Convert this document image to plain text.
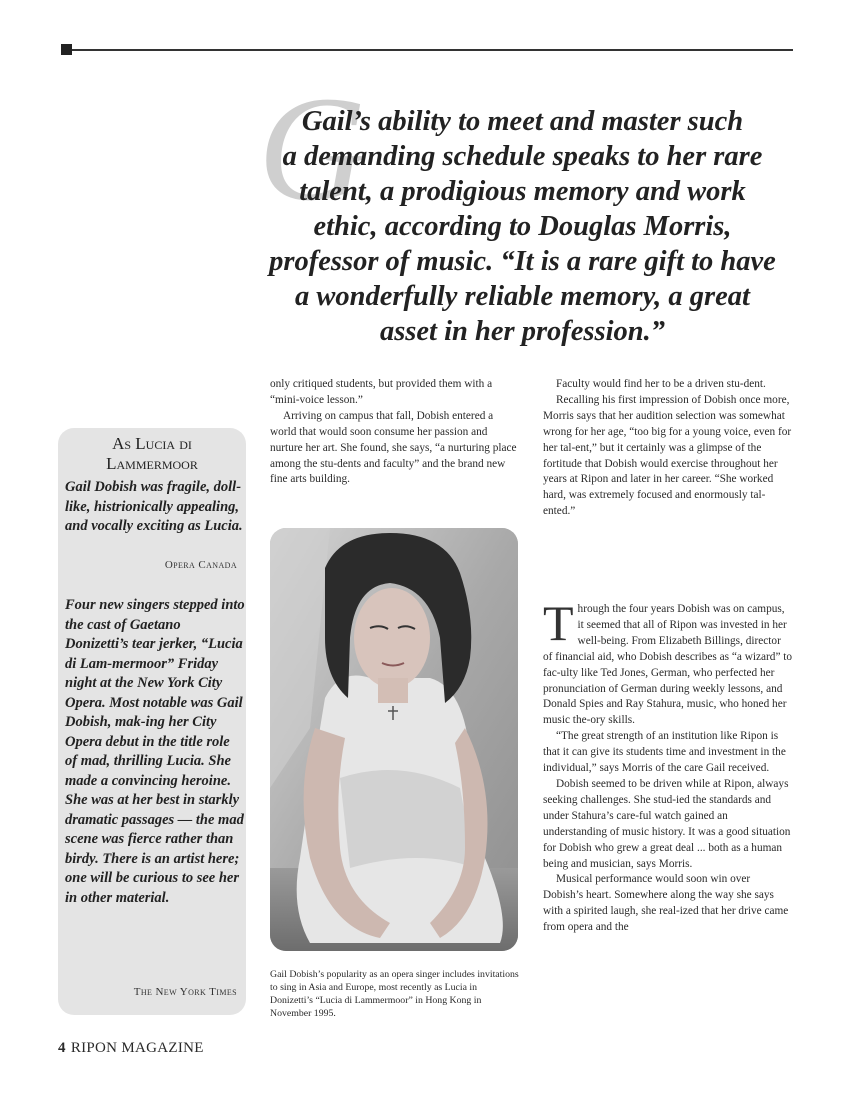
G

Gail’s ability to meet and master such
a demanding schedule speaks to her rare
talent, a prodigious memory and work
ethic, according to Douglas Morris,
professor of music. “It is a rare gift to have
a wonderfully reliable memory, a great
asset in her profession.”

As Lucia di
Lammermoor

Gail Dobish was fragile, doll-like, histrionically appealing, and vocally exciting as Lucia.

Opera Canada

Four new singers stepped into the cast of Gaetano Donizetti’s tear jerker, “Lucia di Lam-mermoor” Friday night at the New York City Opera. Most notable was Gail Dobish, mak-ing her City Opera debut in the title role of mad, thrilling Lucia. She made a convincing heroine. She was at her best in starkly dramatic passages — the mad scene was fierce rather than birdy. There is an artist here; one will be curious to see her in other material.

The New York Times

only critiqued students, but provided them with a “mini-voice lesson.”

Arriving on campus that fall, Dobish entered a world that would soon consume her passion and nurture her art. She found, she says, “a nurturing place among the stu-dents and faculty” and the brand new fine arts building.

Faculty would find her to be a driven stu-dent.

Recalling his first impression of Dobish once more, Morris says that her audition selection was somewhat wrong for her age, “too big for a young voice, even for her tal-ent,” but it certainly was a glimpse of the fortitude that Dobish would exercise throughout her years at Ripon and later in her career. “She worked hard, was extremely focused and enormously tal-ented.”

Through the four years Dobish was on campus, it seemed that all of Ripon was invested in her well-being. From Elizabeth Billings, director of financial aid, who Dobish describes as “a wizard” to fac-ulty like Ted Jones, German, who perfected her pronunciation of German during weekly lessons, and Donald Spies and Ray Stahura, music, who honed her music the-ory skills.

“The great strength of an institution like Ripon is that it can give its students time and investment in the individual,” says Morris of the care Gail received.

Dobish seemed to be driven while at Ripon, always seeking challenges. She stud-ied the standards and under Stahura’s care-ful watch gained an understanding of music history. It was a good situation for Dobish who grew a great deal ... both as a human being and musician, says Morris.

Musical performance would soon win over Dobish’s heart. Somewhere along the way she says with a spirited laugh, she real-ized that her drive came from opera and the

Gail Dobish’s popularity as an opera singer includes invitations to sing in Asia and Europe, most recently as Lucia in Donizetti’s “Lucia di Lammermoor” in Hong Kong in November 1995.

4 RIPON MAGAZINE
